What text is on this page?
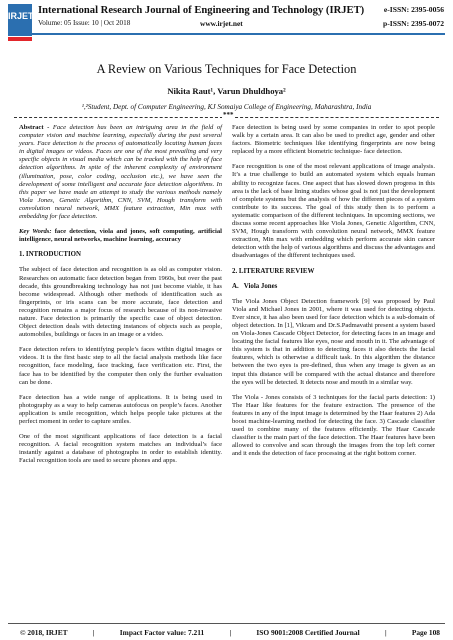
IRJET International Research Journal of Engineering and Technology (IRJET)
Volume: 05 Issue: 10 | Oct 2018	www.irjet.net
e-ISSN: 2395-0056
p-ISSN: 2395-0072
A Review on Various Techniques for Face Detection
Nikita Raut¹, Varun Dhuldhoya²
¹,²Student, Dept. of Computer Engineering, KJ Somaiya College of Engineering, Maharashtra, India
***

Abstract - Face detection has been an intriguing area in the field of computer vision and machine learning, especially during the past several years. Face detection is the process of automatically locating human faces in digital images or videos. Faces are one of the most prevailing and very specific objects in visual media which can be tracked with the help of face detection algorithms. In spite of the inherent complexity of environment (illumination, pose, color coding, occlusion etc.), we have seen the development of some intelligent and accurate face detection algorithms. In this paper we have made an attempt to study the various methods namely Viola Jones, Genetic Algorithm, CNN, SVM, Hough transform with convolution neural network, MMX feature extraction, Min max with embedding for face detection.

Key Words: face detection, viola and jones, soft computing, artificial intelligence, neural networks, machine learning, accuracy

1. INTRODUCTION

The subject of face detection and recognition is as old as computer vision. Researches on automatic face detection began from 1960s, but over the past decade, this groundbreaking technology has not just become viable, it has become widespread. Although other methods of identification such as fingerprints, or iris scans can be more accurate, face detection and recognition remains a major focus of research because of its non-invasive nature. Face detection is primarily the specific case of object detection. Object detection deals with detecting instances of objects such as people, automobiles, buildings or faces in an image or a video.

Face detection refers to identifying people’s faces within digital images or videos. It is the first basic step to all the facial analysis methods like face recognition, face modeling, face tracking, face verification etc. First, the face has to be identified by the computer then only the further evaluation can be done.

Face detection has a wide range of applications. It is being used in photography as a way to help cameras autofocus on people’s faces. Another application is smile recognition, which helps people take pictures at the perfect moment in order to capture smiles.

One of the most significant applications of face detection is a facial recognition. A facial recognition system matches an individual’s face instantly against a database of photographs in order to establish identity. Facial recognition tools are used to secure phones and apps.

Face detection is being used by some companies in order to spot people walk by a certain area. It can also be used to predict age, gender and other factors. Biometric techniques like identifying fingerprints are now being replaced by a more efficient biometric technique- face detection.

Face recognition is one of the most relevant applications of image analysis. It’s a true challenge to build an automated system which equals human ability to recognize faces. One aspect that has slowed down progress in this area is the lack of base lining studies whose goal is not just the development of complete systems but the analysis of how the different pieces of a system contribute to its success. The goal of this study then is to perform a systematic comparison of the different techniques. In upcoming sections, we discuss some recent approaches like Viola Jones, Genetic Algorithm, CNN, SVM, Hough transform with convolution neural network, MMX feature extraction, Min max with embedding which perform accurate skin cancer detection with the help of various algorithms and discuss the advantages and disadvantages of the different techniques used.

2. LITERATURE REVIEW
A.   Viola Jones

The Viola Jones Object Detection framework [9] was proposed by Paul Viola and Michael Jones in 2001, where it was used for detecting objects. Ever since, it has also been used for face detection which is a sub-domain of object detection. In [1], Vikram and Dr.S.Padmavathi present a system based on Viola-Jones Cascade Object Detector, for detecting faces in an image and locating the facial features like eyes, nose and mouth in it. The advantage of this system is that in addition to detecting faces it also detects the facial features, which is otherwise a difficult task. In this algorithm the distance between the two eyes is pre-defined, thus when any image is given as an input this distance will be compared with the actual distance and therefore the eyes will be detected. It detects nose and mouth in a similar way.

The Viola - Jones consists of 3 techniques for the facial parts detection: 1) The Haar like features for the feature extraction. The presence of the features in any of the input image is determined by the Haar features 2) Ada boost machine-learning method for detecting the face. 3) Cascade classifier used to combine many of the features efficiently. The Haar Cascade classifier is the main part of the face detection. The Haar features have been allowed to convolve and scan through the images from the top left corner and it ends the detection of face processing at the right bottom corner.

© 2018, IRJET	|	Impact Factor value: 7.211	|	ISO 9001:2008 Certified Journal	|	Page 108
